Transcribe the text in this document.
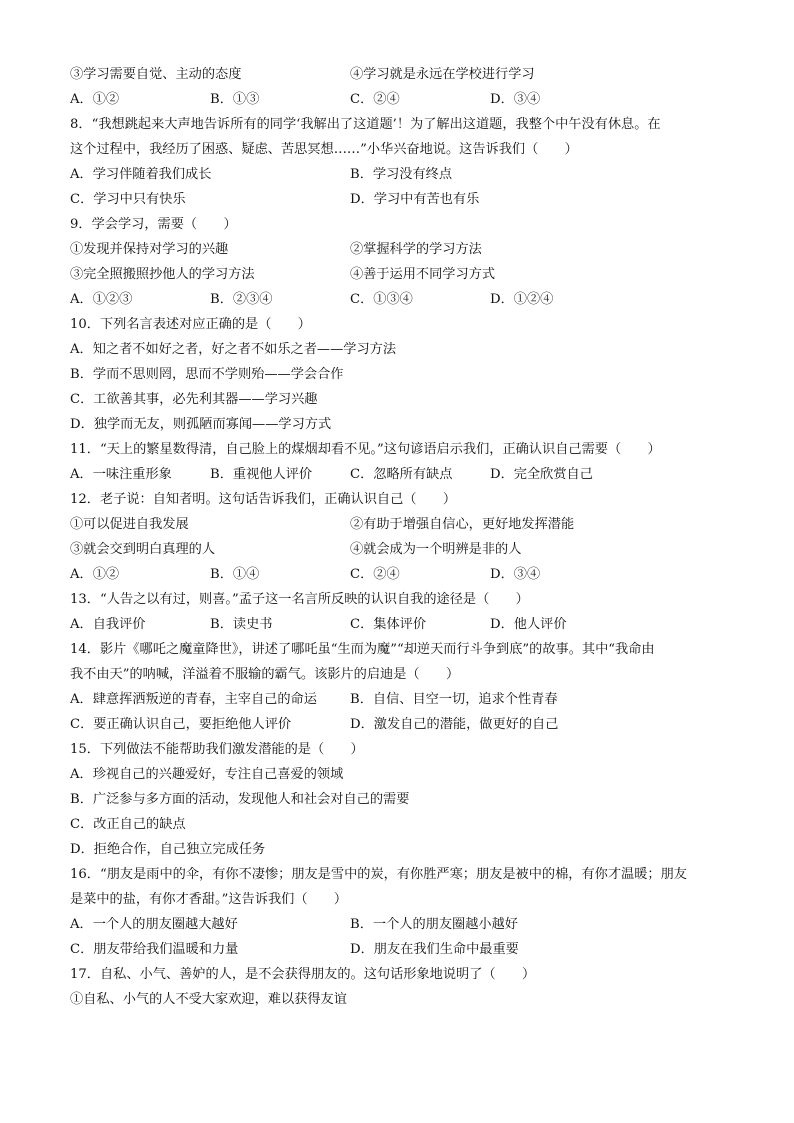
③学习需要自觉、主动的态度	④学习就是永远在学校进行学习
A．①②	B．①③	C．②④	D．③④
8．“我想跳起来大声地告诉所有的同学‘我解出了这道题’！为了解出这道题，我整个中午没有休息。在
这个过程中，我经历了困惑、疑虑、苦思冥想……”小华兴奋地说。这告诉我们（　　）
A．学习伴随着我们成长	B．学习没有终点
C．学习中只有快乐	D．学习中有苦也有乐
9．学会学习，需要（　　）
①发现并保持对学习的兴趣	②掌握科学的学习方法
③完全照搬照抄他人的学习方法	④善于运用不同学习方式
A．①②③	B．②③④	C．①③④	D．①②④
10．下列名言表述对应正确的是（　　）
A．知之者不如好之者，好之者不如乐之者——学习方法
B．学而不思则罔，思而不学则殆——学会合作
C．工欲善其事，必先利其器——学习兴趣
D．独学而无友，则孤陋而寡闻——学习方式
11．“天上的繁星数得清，自己脸上的煤烟却看不见。”这句谚语启示我们，正确认识自己需要（　　）
A．一味注重形象	B．重视他人评价	C．忽略所有缺点	D．完全欣赏自己
12．老子说：自知者明。这句话告诉我们，正确认识自己（　　）
①可以促进自我发展	②有助于增强自信心，更好地发挥潜能
③就会交到明白真理的人	④就会成为一个明辨是非的人
A．①②	B．①④	C．②④	D．③④
13．“人告之以有过，则喜。”孟子这一名言所反映的认识自我的途径是（　　）
A．自我评价	B．读史书	C．集体评价	D．他人评价
14．影片《哪吒之魔童降世》，讲述了哪吒虽“生而为魔”“却逆天而行斗争到底”的故事。其中“我命由
我不由天”的呐喊，洋溢着不服输的霸气。该影片的启迪是（　　）
A．肆意挥洒叛逆的青春，主宰自己的命运	B．自信、目空一切，追求个性青春
C．要正确认识自己，要拒绝他人评价	D．激发自己的潜能，做更好的自己
15．下列做法不能帮助我们激发潜能的是（　　）
A．珍视自己的兴趣爱好，专注自己喜爱的领域
B．广泛参与多方面的活动，发现他人和社会对自己的需要
C．改正自己的缺点
D．拒绝合作，自己独立完成任务
16．“朋友是雨中的伞，有你不凄惨；朋友是雪中的炭，有你胜严寒；朋友是被中的棉，有你才温暖；朋友
是菜中的盐，有你才香甜。”这告诉我们（　　）
A．一个人的朋友圈越大越好	B．一个人的朋友圈越小越好
C．朋友带给我们温暖和力量	D．朋友在我们生命中最重要
17．自私、小气、善妒的人，是不会获得朋友的。这句话形象地说明了（　　）
①自私、小气的人不受大家欢迎，难以获得友谊
